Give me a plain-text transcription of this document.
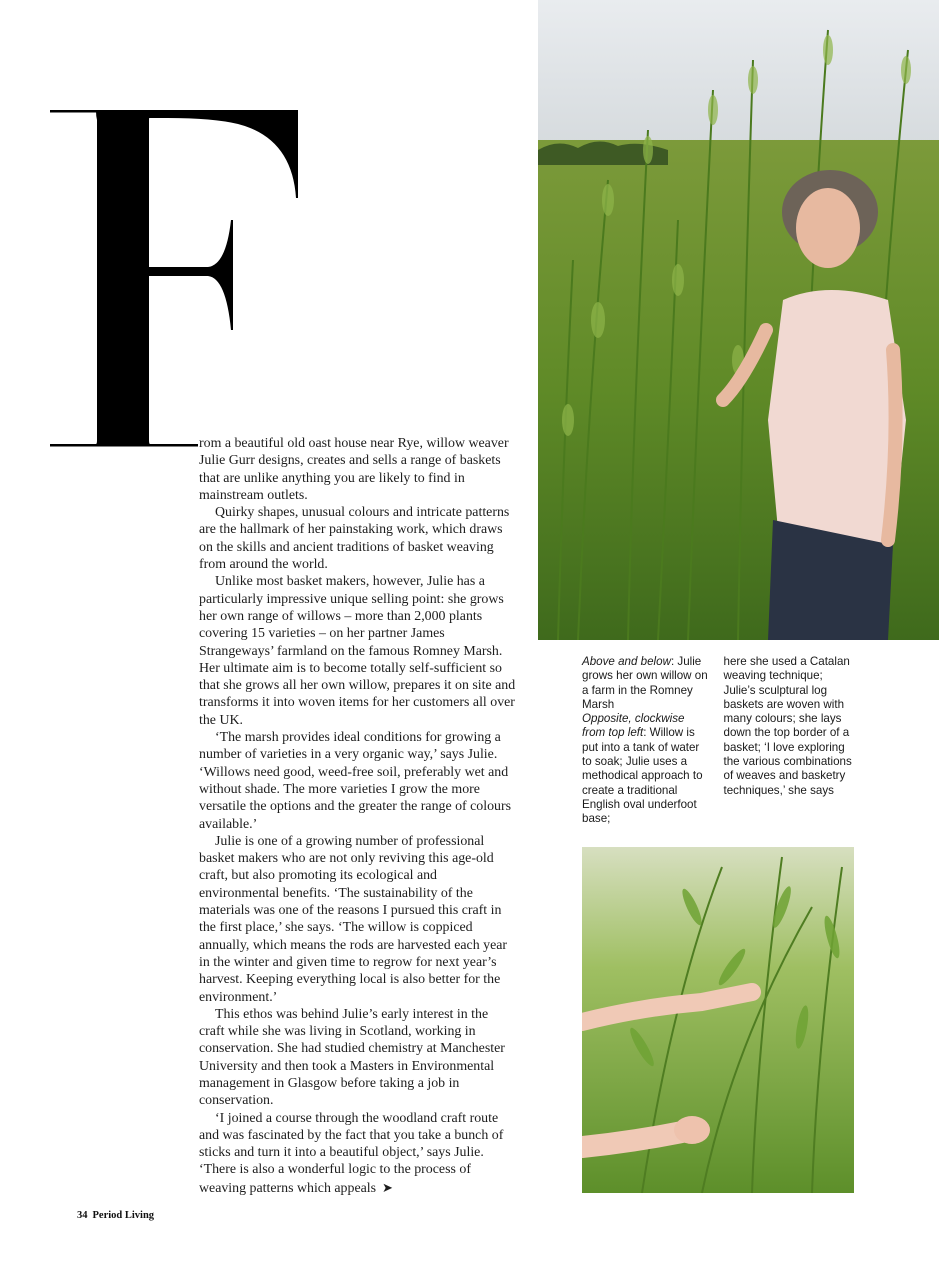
rom a beautiful old oast house near Rye, willow weaver Julie Gurr designs, creates and sells a range of baskets that are unlike anything you are likely to find in mainstream outlets.

Quirky shapes, unusual colours and intricate patterns are the hallmark of her painstaking work, which draws on the skills and ancient traditions of basket weaving from around the world.

Unlike most basket makers, however, Julie has a particularly impressive unique selling point: she grows her own range of willows – more than 2,000 plants covering 15 varieties – on her partner James Strangeways’ farmland on the famous Romney Marsh. Her ultimate aim is to become totally self-sufficient so that she grows all her own willow, prepares it on site and transforms it into woven items for her customers all over the UK.

‘The marsh provides ideal conditions for growing a number of varieties in a very organic way,’ says Julie. ‘Willows need good, weed-free soil, preferably wet and without shade. The more varieties I grow the more versatile the options and the greater the range of colours available.’

Julie is one of a growing number of professional basket makers who are not only reviving this age-old craft, but also promoting its ecological and environmental benefits. ‘The sustainability of the materials was one of the reasons I pursued this craft in the first place,’ she says. ‘The willow is coppiced annually, which means the rods are harvested each year in the winter and given time to regrow for next year’s harvest. Keeping everything local is also better for the environment.’

This ethos was behind Julie’s early interest in the craft while she was living in Scotland, working in conservation. She had studied chemistry at Manchester University and then took a Masters in Environmental management in Glasgow before taking a job in conservation.

‘I joined a course through the woodland craft route and was fascinated by the fact that you take a bunch of sticks and turn it into a beautiful object,’ says Julie. ‘There is also a wonderful logic to the process of weaving patterns which appeals ➤

Above and below: Julie grows her own willow on a farm in the Romney Marsh
Opposite, clockwise from top left: Willow is put into a tank of water to soak; Julie uses a methodical approach to create a traditional English oval underfoot base;
here she used a Catalan weaving technique; Julie’s sculptural log baskets are woven with many colours; she lays down the top border of a basket; ‘I love exploring the various combinations of weaves and basketry techniques,’ she says
34 Period Living
